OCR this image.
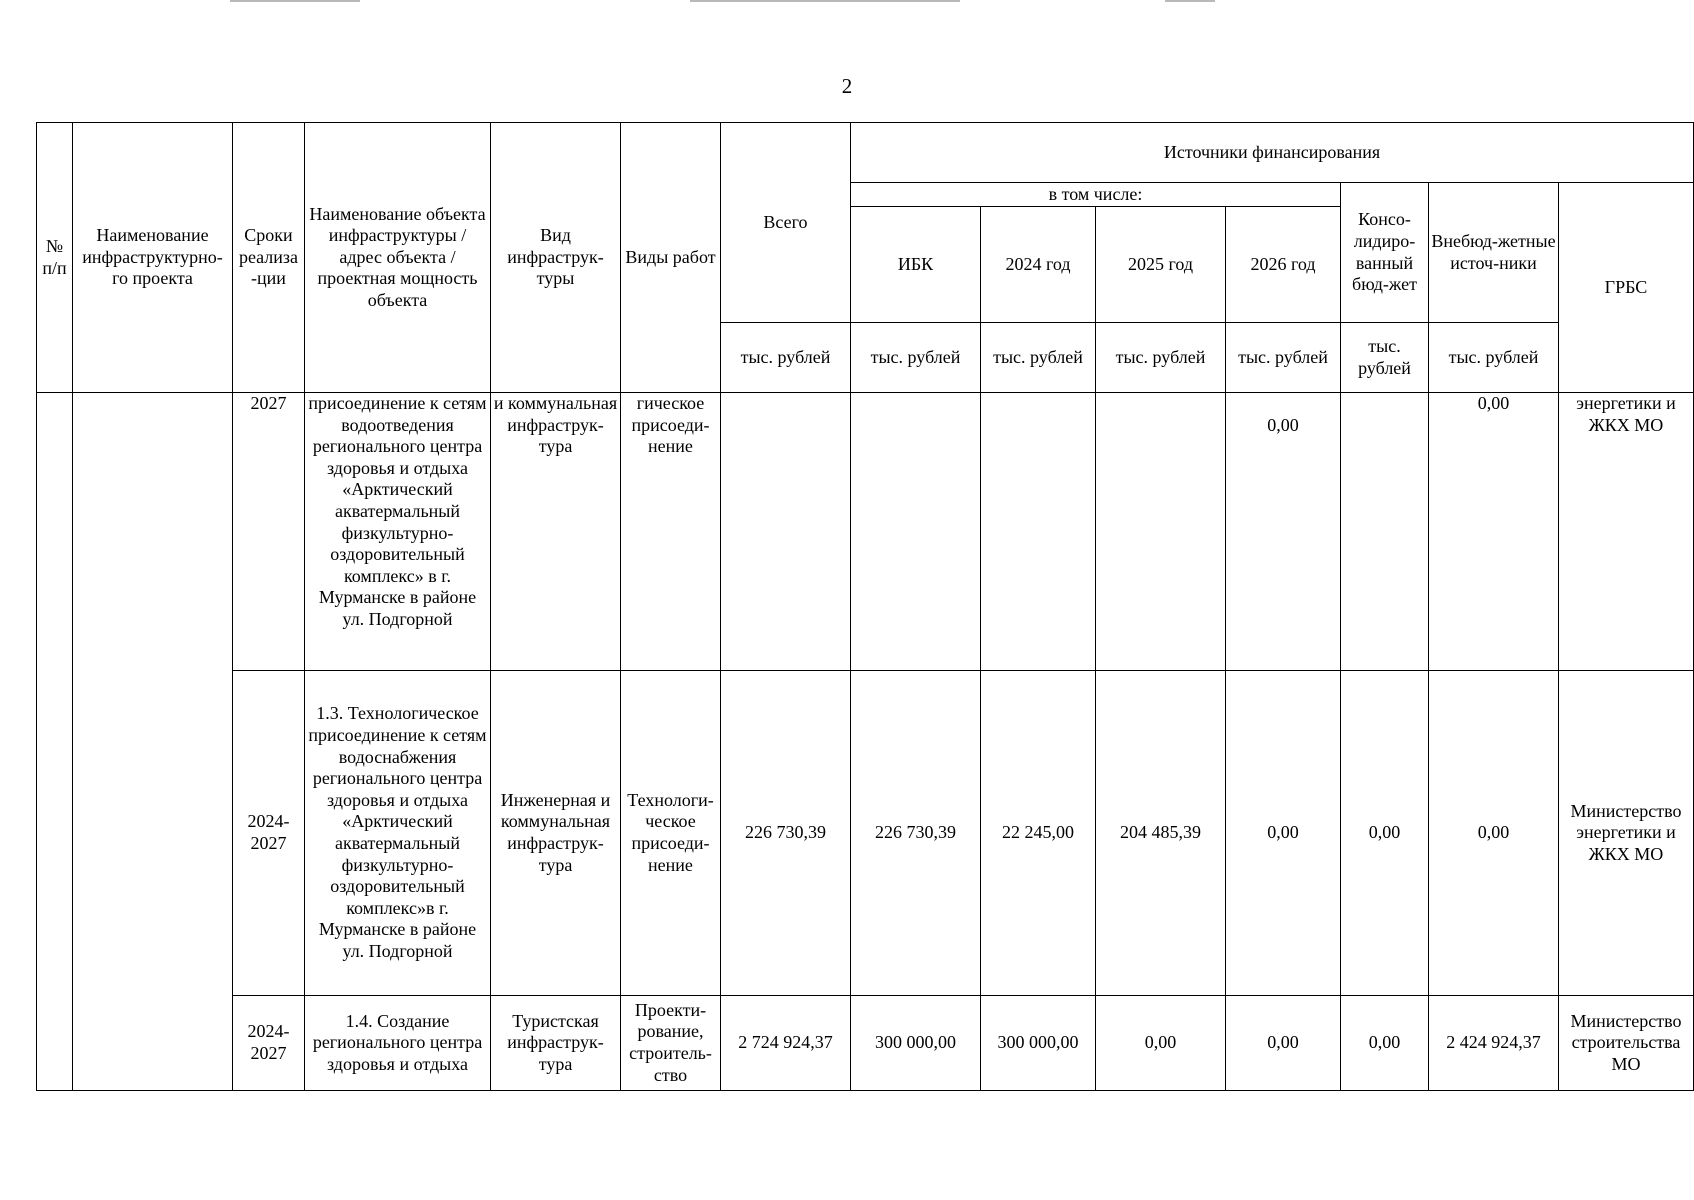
2
№ п/п	Наименование инфраструктурно-го проекта	Сроки реализа -ции	Наименование объекта инфраструктуры / адрес объекта / проектная мощность объекта	Вид инфраструк-туры	Виды работ	Всего	Источники финансирования						
							в том числе:				Консо-лидиро-ванный бюд-жет	Внебюд-жетные источ-ники	ГРБС
							ИБК	2024 год	2025 год	2026 год			
						тыс. рублей	тыс. рублей	тыс. рублей	тыс. рублей	тыс. рублей	тыс. рублей	тыс. рублей	
		2027	присоединение к сетям водоотведения регионального центра здоровья и отдыха «Арктический акватермальный физкультурно-оздоровительный комплекс» в г. Мурманске в районе ул. Подгорной	и коммунальная инфраструк-тура	гическое присоеди-нение					0,00		0,00	энергетики и ЖКХ МО
		2024-2027	1.3. Технологическое присоединение к сетям водоснабжения регионального центра здоровья и отдыха «Арктический акватермальный физкультурно-оздоровительный комплекс»в г. Мурманске в районе ул. Подгорной	Инженерная и коммунальная инфраструк-тура	Технологи-ческое присоеди-нение	226 730,39	226 730,39	22 245,00	204 485,39	0,00	0,00	0,00	Министерство энергетики и ЖКХ МО
		2024-2027	1.4. Создание регионального центра здоровья и отдыха	Туристская инфраструк-тура	Проекти-рование, строитель-ство	2 724 924,37	300 000,00	300 000,00	0,00	0,00	0,00	2 424 924,37	Министерство строительства МО
